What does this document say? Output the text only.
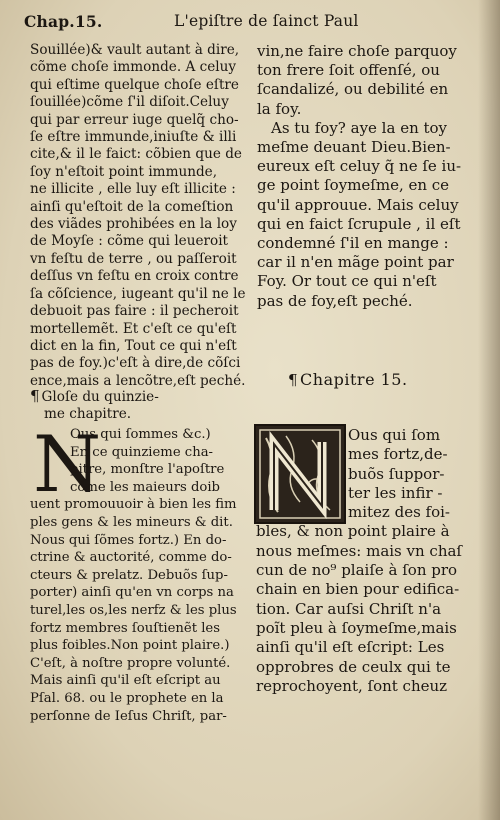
Chap.15.	L'epiſtre de ſainct Paul
Souillée)& vault autant à dire,
cõme choſe immonde. A celuy
qui eſtime quelque choſe eſtre
ſouillée)cõme ſ'il diſoit.Celuy
qui par erreur iuge quelq̃ cho-
ſe eſtre immunde,iniuſte & illi
cite,& il le faict: cõbien que de
ſoy n'eſtoit point immunde,
ne illicite , elle luy eſt illicite :
ainſi qu'eſtoit de la comeſtion
des viãdes prohibées en la loy
de Moyſe : cõme qui leueroit
vn feſtu de terre , ou paſſeroit
deſſus vn feſtu en croix contre
ſa cõſcience, iugeant qu'il ne le
debuoit pas faire : il pecheroit
mortellemẽt. Et c'eſt ce qu'eſt
dict en la fin, Tout ce qui n'eſt
pas de foy.)c'eſt à dire,de cõſci
ence,mais a lencõtre,eſt peché.
vin,ne faire choſe parquoy
ton frere ſoit offenſé, ou
ſcandalizé, ou debilité en
la foy.
As tu foy? aye la en toy
meſme deuant Dieu.Bien-
eureux eſt celuy q̃ ne ſe iu-
ge point ſoymeſme, en ce
qu'il approuue. Mais celuy
qui en faict ſcrupule , il eſt
condemné ſ'il en mange :
car il n'en mãge point par
Foy. Or tout ce qui n'eſt
pas de foy,eſt peché.
¶ Chapitre 15.
¶ Gloſe du quinzie-
me chapitre.
N
Ous qui ſommes &c.)
En ce quinzieme cha-
pitre, monſtre l'apoſtre
cõme les maieurs doib
uent promouuoir à bien les fim
ples gens & les mineurs & dit.
Nous qui ſõmes fortz.) En do-
ctrine & auctorité, comme do-
cteurs & prelatz. Debuõs ſup-
porter) ainſi qu'en vn corps na
turel,les os,les nerfz & les plus
fortz membres ſouſtienẽt les
plus foibles.Non point plaire.)
C'eſt, à noſtre propre volunté.
Mais ainſi qu'il eſt eſcript au
Pſal. 68. ou le prophete en la
perſonne de Ieſus Chriſt, par-
Ous qui ſom
mes fortz,de-
buõs ſuppor-
ter les infir -
mitez des foi-
bles, & non point plaire à
nous meſmes: mais vn chaſ
cun de no⁹ plaiſe à ſon pro
chain en bien pour edifica-
tion. Car auſsi Chriſt n'a
poĩt pleu à ſoymeſme,mais
ainſi qu'il eſt eſcript: Les
opprobres de ceulx qui te
reprochoyent, ſont cheuz
